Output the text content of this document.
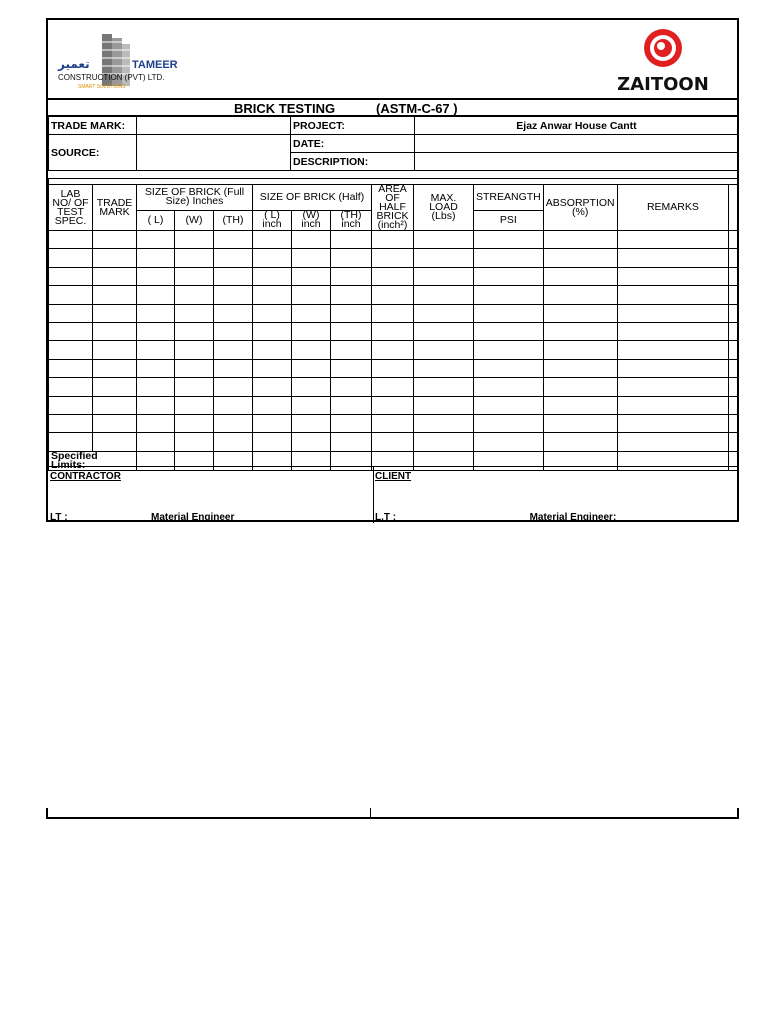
تعمير	TAMEER
CONSTRUCTION (PVT) LTD.
SMART SOLUTIONS	ZAITOON
BRICK TESTING	(ASTM-C-67 )
TRADE MARK:		PROJECT:	Ejaz Anwar House Cantt
SOURCE:		DATE:	
		DESCRIPTION:	

LAB NO/ OF TEST SPEC.	TRADE MARK	SIZE OF BRICK (Full Size) Inches			SIZE OF BRICK (Half)			AREA OF HALF BRICK (inch²)	MAX. LOAD (Lbs)	STREANGTH	ABSORPTION (%)	REMARKS	
		( L)	(W)	(TH)	( L) inch	(W) inch	(TH) inch			PSI			

Specified Limits:													
CONTRACTOR	CLIENT
LT :_______________Material Engineer________________	L.T :________________________Material Engineer:___________________
